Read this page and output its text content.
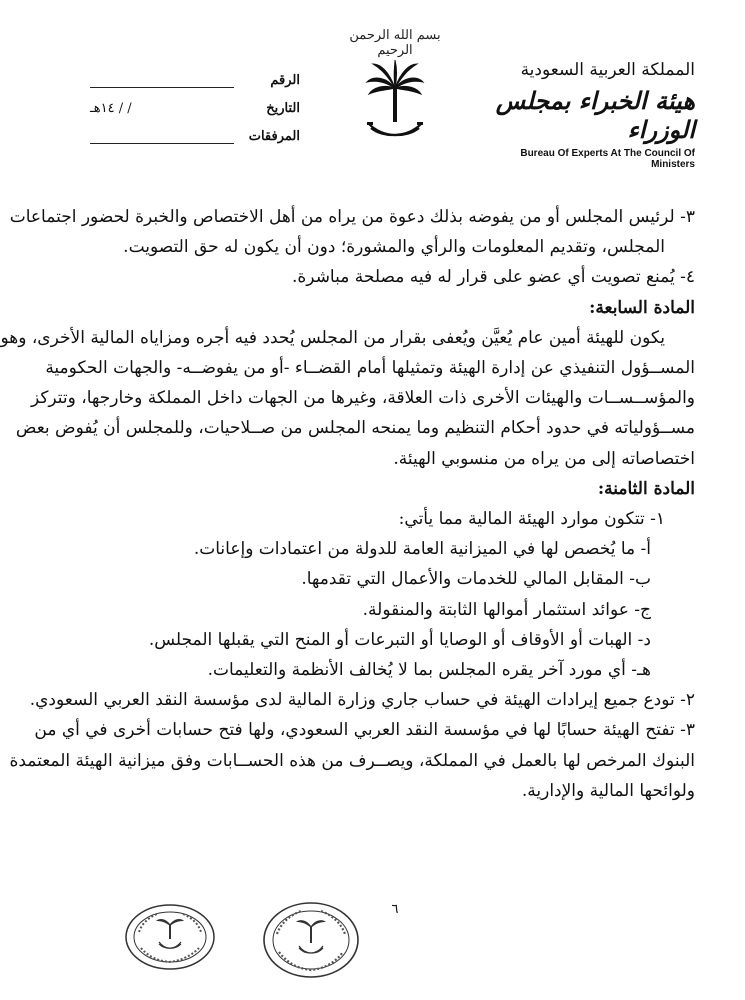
بسم الله الرحمن الرحيم
المملكة العربية السعودية
هيئة الخبراء بمجلس الوزراء
Bureau Of Experts At The Council Of Ministers
الرقم
التاريخ
/ / ١٤هـ
المرفقات
٣- لرئيس المجلس أو من يفوضه بذلك دعوة من يراه من أهل الاختصاص والخبرة لحضور اجتماعات
المجلس، وتقديم المعلومات والرأي والمشورة؛ دون أن يكون له حق التصويت.
٤- يُمنع تصويت أي عضو على قرار له فيه مصلحة مباشرة.
المادة السابعة:
يكون للهيئة أمين عام يُعيَّن ويُعفى بقرار من المجلس يُحدد فيه أجره ومزاياه المالية الأخرى، وهو
المســؤول التنفيذي عن إدارة الهيئة وتمثيلها أمام القضــاء -أو من يفوضــه- والجهات الحكومية
والمؤســســات والهيئات الأخرى ذات العلاقة، وغيرها من الجهات داخل المملكة وخارجها، وتتركز
مســؤولياته في حدود أحكام التنظيم وما يمنحه المجلس من صــلاحيات، وللمجلس أن يُفوض بعض
اختصاصاته إلى من يراه من منسوبي الهيئة.
المادة الثامنة:
١- تتكون موارد الهيئة المالية مما يأتي:
أ- ما يُخصص لها في الميزانية العامة للدولة من اعتمادات وإعانات.
ب- المقابل المالي للخدمات والأعمال التي تقدمها.
ج- عوائد استثمار أموالها الثابتة والمنقولة.
د- الهبات أو الأوقاف أو الوصايا أو التبرعات أو المنح التي يقبلها المجلس.
هـ- أي مورد آخر يقره المجلس بما لا يُخالف الأنظمة والتعليمات.
٢- تودع جميع إيرادات الهيئة في حساب جاري وزارة المالية لدى مؤسسة النقد العربي السعودي.
٣- تفتح الهيئة حسابًا لها في مؤسسة النقد العربي السعودي، ولها فتح حسابات أخرى في أي من
البنوك المرخص لها بالعمل في المملكة، ويصــرف من هذه الحســابات وفق ميزانية الهيئة المعتمدة
ولوائحها المالية والإدارية.
٦
